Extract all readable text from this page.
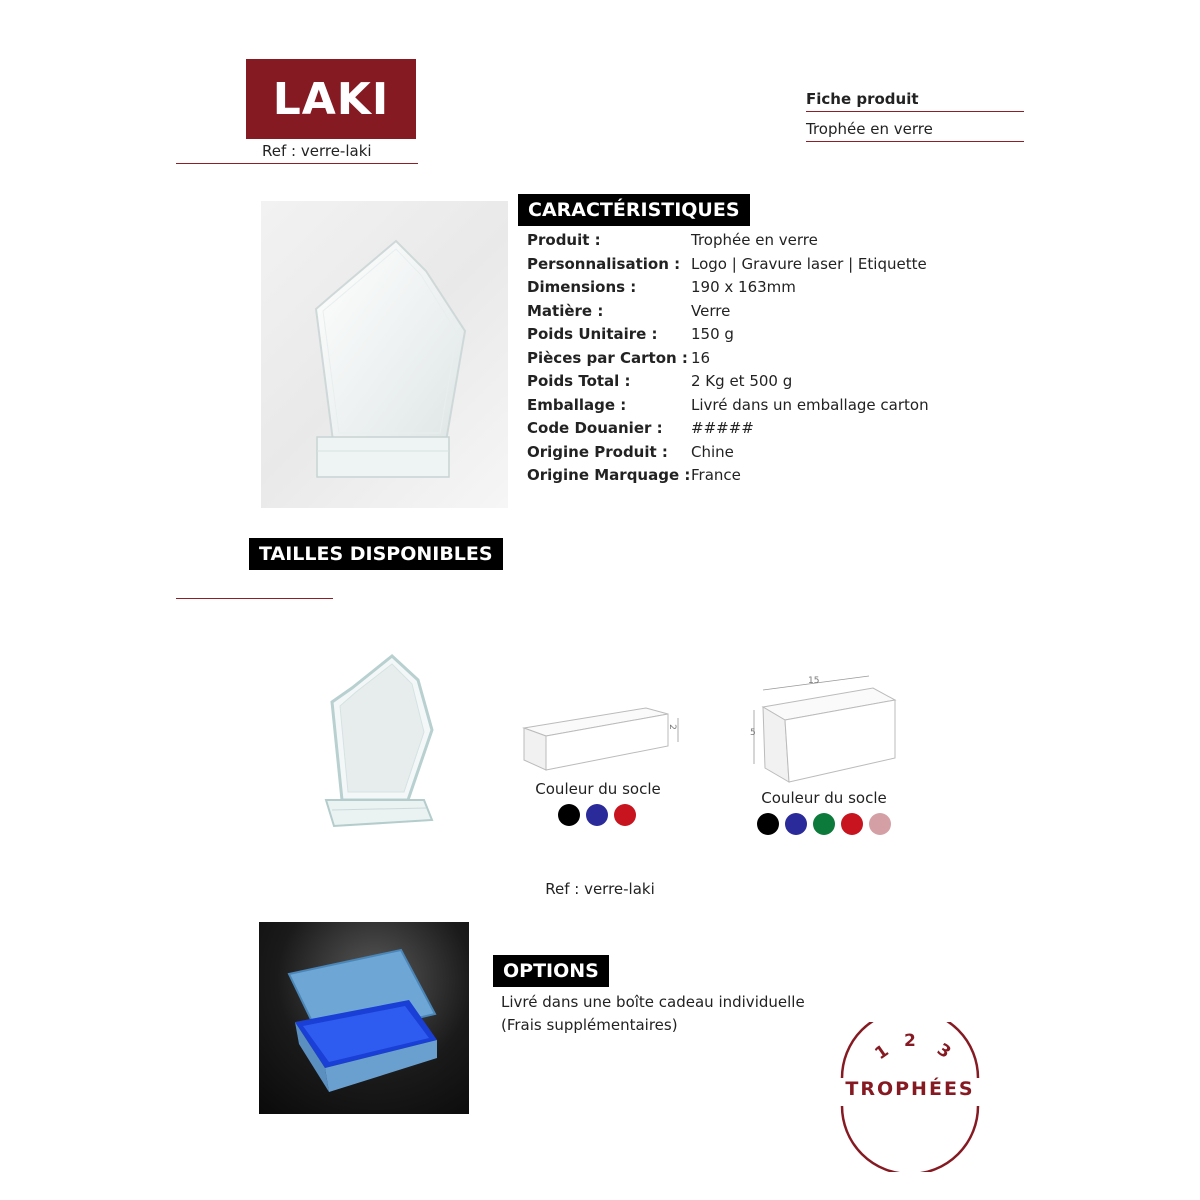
LAKI
Ref : verre-laki
Fiche produit
Trophée en verre
CARACTÉRISTIQUES
Produit :	Trophée en verre
Personnalisation : Logo | Gravure laser | Etiquette
Dimensions :	190 x 163mm
Matière :	Verre
Poids Unitaire :	150 g
Pièces par Carton : 16
Poids Total :	2 Kg et 500 g
Emballage :	Livré dans un emballage carton
Code Douanier :	#####
Origine Produit :	Chine
Origine Marquage : France
TAILLES DISPONIBLES
2
Couleur du socle
15
5
Couleur du socle
Ref : verre-laki
OPTIONS
Livré dans une boîte cadeau individuelle
(Frais supplémentaires)
1 2 3
TROPHÉES
